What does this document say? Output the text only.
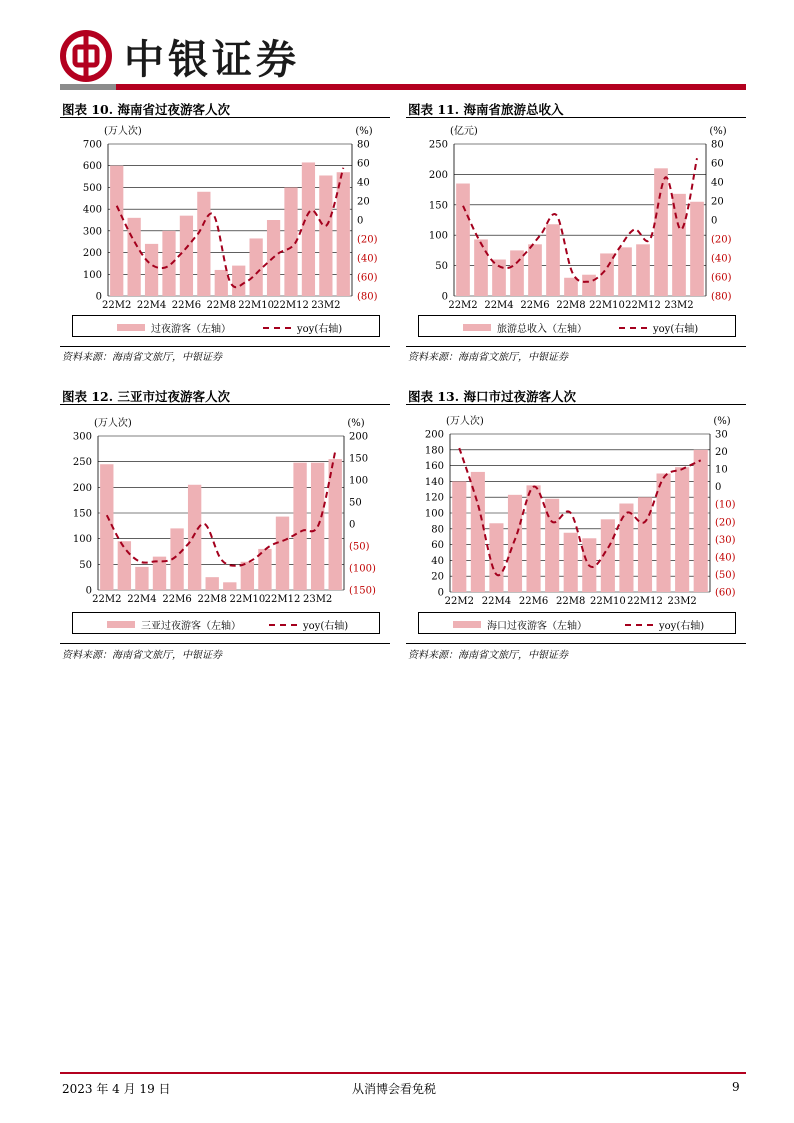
中银证券
图表 10. 海南省过夜游客人次
(万人次)	(%)
0
100
200
300
400
500
600
700
(80)
(60)
(40)
(20)
0
20
40
60
80
22M2 22M4 22M6 22M8 22M10 22M12 23M2
过夜游客（左轴）	yoy(右轴)
资料来源：海南省文旅厅，中银证券
图表 11. 海南省旅游总收入
(亿元)	(%)
0
50
100
150
200
250
(80)
(60)
(40)
(20)
0
20
40
60
80
22M2 22M4 22M6 22M8 22M10 22M12 23M2
旅游总收入（左轴）	yoy(右轴)
资料来源：海南省文旅厅，中银证券
图表 12. 三亚市过夜游客人次
(万人次)	(%)
0
50
100
150
200
250
300
(150)
(100)
(50)
0
50
100
150
200
22M2 22M4 22M6 22M8 22M10 22M12 23M2
三亚过夜游客（左轴）	yoy(右轴)
资料来源：海南省文旅厅，中银证券
图表 13. 海口市过夜游客人次
(万人次)	(%)
0
20
40
60
80
100
120
140
160
180
200
(60)
(50)
(40)
(30)
(20)
(10)
0
10
20
30
22M2 22M4 22M6 22M8 22M10 22M12 23M2
海口过夜游客（左轴）	yoy(右轴)
资料来源：海南省文旅厅，中银证券
2023 年 4 月 19 日	从消博会看免税	9
